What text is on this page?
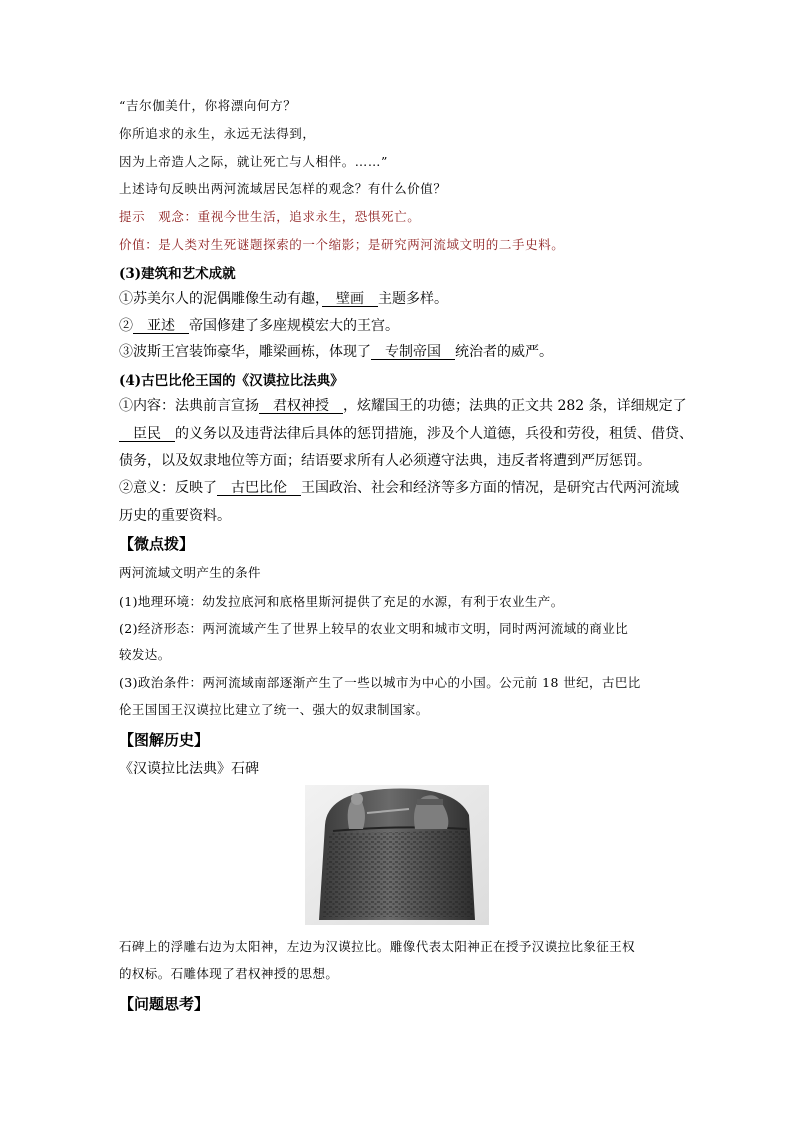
“吉尔伽美什，你将漂向何方？
你所追求的永生，永远无法得到，
因为上帝造人之际，就让死亡与人相伴。……”
上述诗句反映出两河流域居民怎样的观念？有什么价值？
提示　观念：重视今世生活，追求永生，恐惧死亡。
价值：是人类对生死谜题探索的一个缩影；是研究两河流域文明的二手史料。
(3)建筑和艺术成就
①苏美尔人的泥偶雕像生动有趣，　壁画　主题多样。
②　亚述　帝国修建了多座规模宏大的王宫。
③波斯王宫装饰豪华，雕梁画栋，体现了　专制帝国　统治者的威严。
(4)古巴比伦王国的《汉谟拉比法典》
①内容：法典前言宣扬　君权神授　，炫耀国王的功德；法典的正文共 282 条，详细规定了
　臣民　的义务以及违背法律后具体的惩罚措施，涉及个人道德，兵役和劳役，租赁、借贷、
债务，以及奴隶地位等方面；结语要求所有人必须遵守法典，违反者将遭到严厉惩罚。
②意义：反映了　古巴比伦　王国政治、社会和经济等多方面的情况，是研究古代两河流域
历史的重要资料。
【微点拨】
两河流域文明产生的条件
(1)地理环境：幼发拉底河和底格里斯河提供了充足的水源，有利于农业生产。
(2)经济形态：两河流域产生了世界上较早的农业文明和城市文明，同时两河流域的商业比
较发达。
(3)政治条件：两河流域南部逐渐产生了一些以城市为中心的小国。公元前 18 世纪，古巴比
伦王国国王汉谟拉比建立了统一、强大的奴隶制国家。
【图解历史】
《汉谟拉比法典》石碑
石碑上的浮雕右边为太阳神，左边为汉谟拉比。雕像代表太阳神正在授予汉谟拉比象征王权
的权标。石雕体现了君权神授的思想。
【问题思考】
